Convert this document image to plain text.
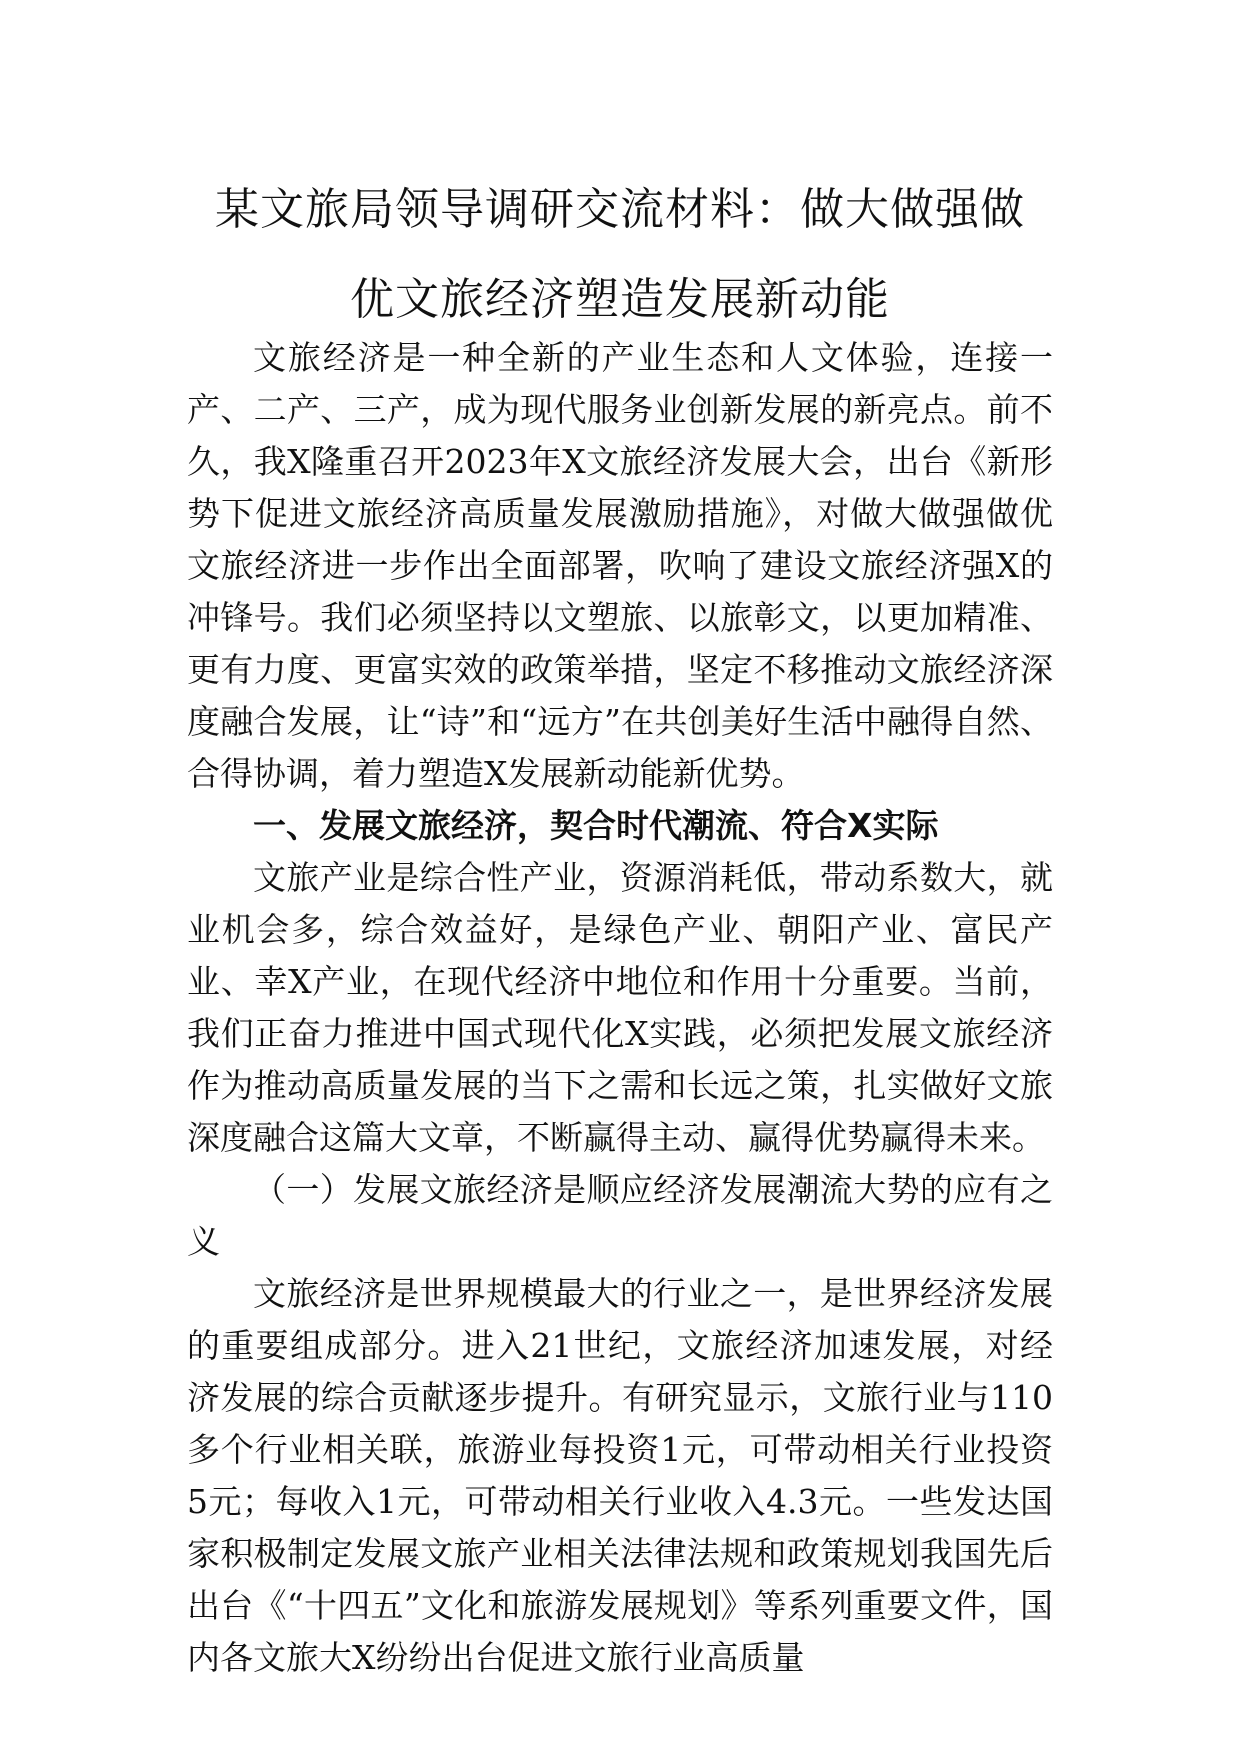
某文旅局领导调研交流材料：做大做强做
优文旅经济塑造发展新动能

文旅经济是一种全新的产业生态和人文体验，连接一产、二产、三产，成为现代服务业创新发展的新亮点。前不久，我X隆重召开2023年X文旅经济发展大会，出台《新形势下促进文旅经济高质量发展激励措施》，对做大做强做优文旅经济进一步作出全面部署，吹响了建设文旅经济强X的冲锋号。我们必须坚持以文塑旅、以旅彰文，以更加精准、更有力度、更富实效的政策举措，坚定不移推动文旅经济深度融合发展，让“诗”和“远方”在共创美好生活中融得自然、合得协调，着力塑造X发展新动能新优势。

一、发展文旅经济，契合时代潮流、符合X实际

文旅产业是综合性产业，资源消耗低，带动系数大，就业机会多，综合效益好，是绿色产业、朝阳产业、富民产业、幸X产业，在现代经济中地位和作用十分重要。当前，我们正奋力推进中国式现代化X实践，必须把发展文旅经济作为推动高质量发展的当下之需和长远之策，扎实做好文旅深度融合这篇大文章，不断赢得主动、赢得优势赢得未来。

（一）发展文旅经济是顺应经济发展潮流大势的应有之义

文旅经济是世界规模最大的行业之一，是世界经济发展的重要组成部分。进入21世纪，文旅经济加速发展，对经济发展的综合贡献逐步提升。有研究显示，文旅行业与110多个行业相关联，旅游业每投资1元，可带动相关行业投资5元；每收入1元，可带动相关行业收入4.3元。一些发达国家积极制定发展文旅产业相关法律法规和政策规划我国先后出台《“十四五”文化和旅游发展规划》等系列重要文件，国内各文旅大X纷纷出台促进文旅行业高质量
